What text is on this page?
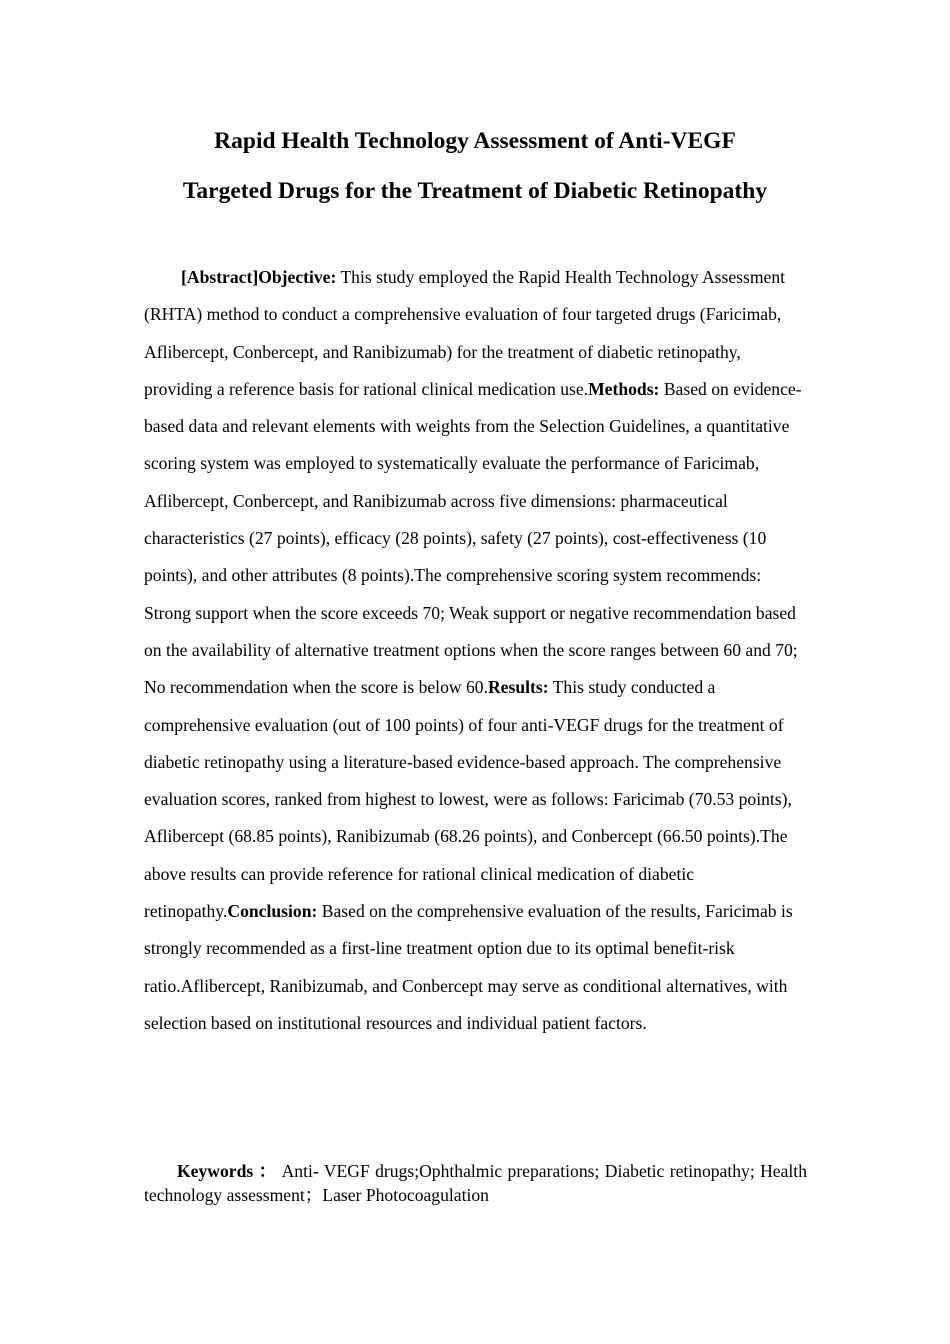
Rapid Health Technology Assessment of Anti-VEGF
Targeted Drugs for the Treatment of Diabetic Retinopathy

[Abstract]Objective: This study employed the Rapid Health Technology Assessment (RHTA) method to conduct a comprehensive evaluation of four targeted drugs (Faricimab, Aflibercept, Conbercept, and Ranibizumab) for the treatment of diabetic retinopathy, providing a reference basis for rational clinical medication use.Methods: Based on evidence-based data and relevant elements with weights from the Selection Guidelines, a quantitative scoring system was employed to systematically evaluate the performance of Faricimab, Aflibercept, Conbercept, and Ranibizumab across five dimensions: pharmaceutical characteristics (27 points), efficacy (28 points), safety (27 points), cost-effectiveness (10 points), and other attributes (8 points).The comprehensive scoring system recommends: Strong support when the score exceeds 70; Weak support or negative recommendation based on the availability of alternative treatment options when the score ranges between 60 and 70; No recommendation when the score is below 60.Results: This study conducted a comprehensive evaluation (out of 100 points) of four anti-VEGF drugs for the treatment of diabetic retinopathy using a literature-based evidence-based approach. The comprehensive evaluation scores, ranked from highest to lowest, were as follows: Faricimab (70.53 points), Aflibercept (68.85 points), Ranibizumab (68.26 points), and Conbercept (66.50 points).The above results can provide reference for rational clinical medication of diabetic retinopathy.Conclusion: Based on the comprehensive evaluation of the results, Faricimab is strongly recommended as a first-line treatment option due to its optimal benefit-risk ratio.Aflibercept, Ranibizumab, and Conbercept may serve as conditional alternatives, with selection based on institutional resources and individual patient factors.

Keywords ： Anti- VEGF drugs;Ophthalmic preparations; Diabetic retinopathy; Health technology assessment；Laser Photocoagulation
